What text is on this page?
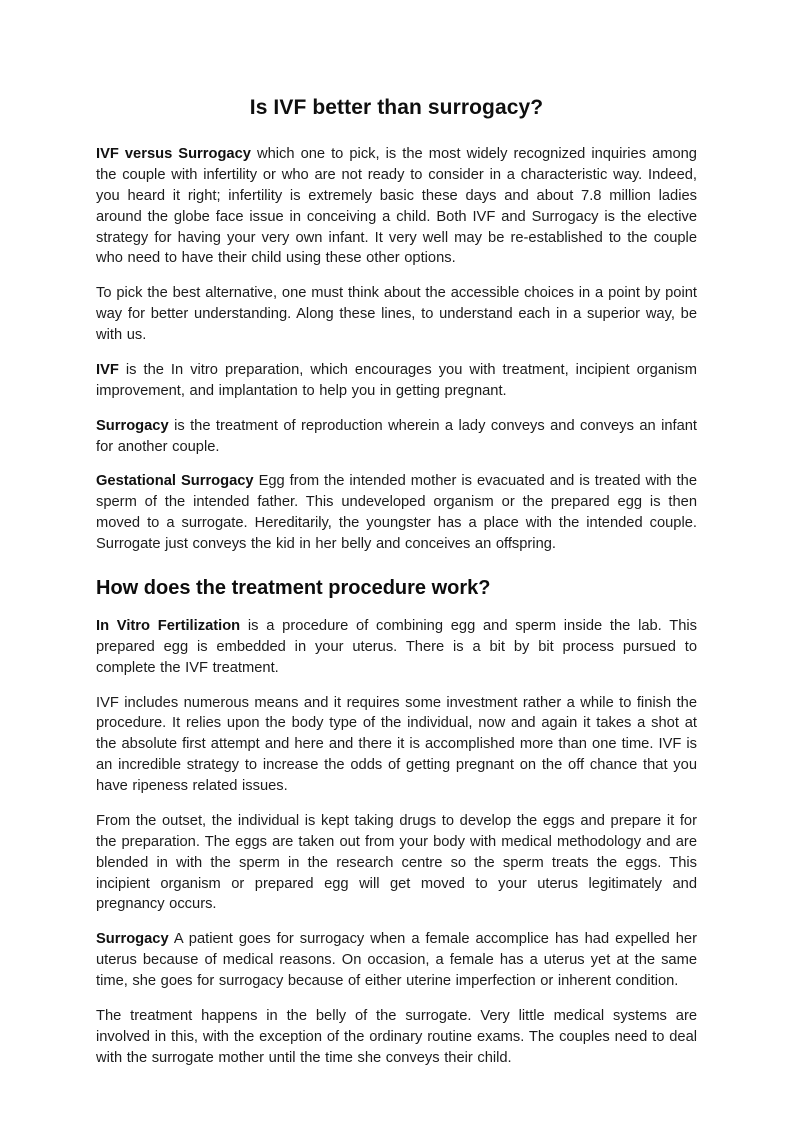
Is IVF better than surrogacy?

IVF versus Surrogacy which one to pick, is the most widely recognized inquiries among the couple with infertility or who are not ready to consider in a characteristic way. Indeed, you heard it right; infertility is extremely basic these days and about 7.8 million ladies around the globe face issue in conceiving a child. Both IVF and Surrogacy is the elective strategy for having your very own infant. It very well may be re-established to the couple who need to have their child using these other options.

To pick the best alternative, one must think about the accessible choices in a point by point way for better understanding. Along these lines, to understand each in a superior way, be with us.

IVF is the In vitro preparation, which encourages you with treatment, incipient organism improvement, and implantation to help you in getting pregnant.

Surrogacy is the treatment of reproduction wherein a lady conveys and conveys an infant for another couple.

Gestational Surrogacy Egg from the intended mother is evacuated and is treated with the sperm of the intended father. This undeveloped organism or the prepared egg is then moved to a surrogate. Hereditarily, the youngster has a place with the intended couple. Surrogate just conveys the kid in her belly and conceives an offspring.

How does the treatment procedure work?

In Vitro Fertilization is a procedure of combining egg and sperm inside the lab. This prepared egg is embedded in your uterus. There is a bit by bit process pursued to complete the IVF treatment.

IVF includes numerous means and it requires some investment rather a while to finish the procedure. It relies upon the body type of the individual, now and again it takes a shot at the absolute first attempt and here and there it is accomplished more than one time. IVF is an incredible strategy to increase the odds of getting pregnant on the off chance that you have ripeness related issues.

From the outset, the individual is kept taking drugs to develop the eggs and prepare it for the preparation. The eggs are taken out from your body with medical methodology and are blended in with the sperm in the research centre so the sperm treats the eggs. This incipient organism or prepared egg will get moved to your uterus legitimately and pregnancy occurs.

Surrogacy A patient goes for surrogacy when a female accomplice has had expelled her uterus because of medical reasons. On occasion, a female has a uterus yet at the same time, she goes for surrogacy because of either uterine imperfection or inherent condition.

The treatment happens in the belly of the surrogate. Very little medical systems are involved in this, with the exception of the ordinary routine exams. The couples need to deal with the surrogate mother until the time she conveys their child.
